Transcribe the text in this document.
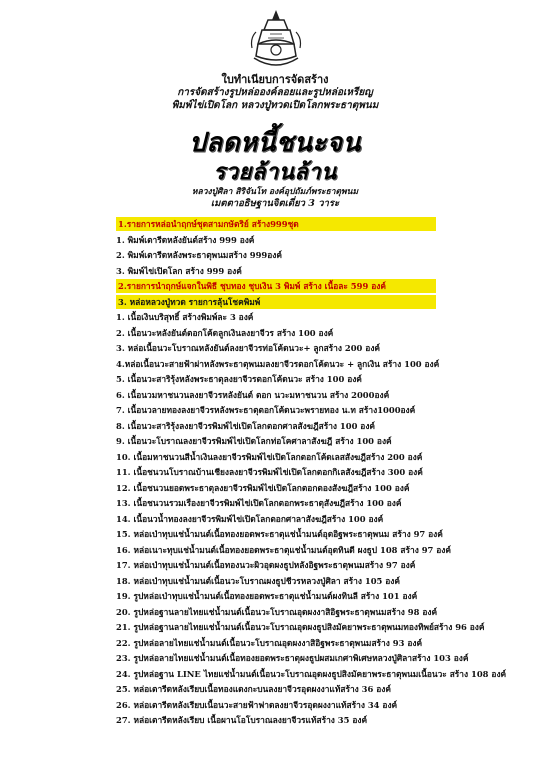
ใบทำเนียบการจัดสร้าง
การจัดสร้างรูปหล่อองค์ลอยและรูปหล่อเหรียญ
พิมพ์ไข่เปิดโลก หลวงปู่ทวดเปิดโลกพระธาตุพนม
ปลดหนี้ชนะจน
รวยล้านล้าน
หลวงปู่ศิลา สิริจันโท องค์อุปถัมภ์พระธาตุพนม
เมตตาอธิษฐานจิตเดี่ยว 3 วาระ
1.รายการหล่อนำฤกษ์ชุดสามกษัตริย์ สร้าง999ชุด
1. พิมพ์เตารีดหลังยันต์สร้าง 999 องค์
2. พิมพ์เตารีดหลังพระธาตุพนมสร้าง 999องค์
3. พิมพ์ไข่เปิดโลก สร้าง 999 องค์
2.รายการนำฤกษ์แจกในพิธี ชุบทอง ชุบเงิน 3 พิมพ์ สร้าง เนื้อละ 599 องค์
3. หล่อหลวงปู่ทวด รายการลุ้นโชคพิมพ์
1. เนื้อเงินบริสุทธิ์ สร้างพิมพ์ละ 3 องค์
2. เนื้อนวะหลังยันต์ตอกโค้ดลูกเงินลงยาจีวร สร้าง 100 องค์
3. หล่อเนื้อนวะโบราณหลังยันต์ลงยาจีวรท่อโค้ดนวะ+ ลูกสร้าง 200 องค์
4.หล่อเนื้อนวะสายฟ้าผ่าหลังพระธาตุพนมลงยาจีวรตอกโค้ดนวะ + ลูกเงิน สร้าง 100 องค์
5. เนื้อนวะสาริรุ้งหลังพระธาตุลงยาจีวรตอกโค้ดนวะ สร้าง 100 องค์
6. เนื้อนวมหาชนวนลงยาจีวรหลังยันต์ ตอก นวะมหาชนวน สร้าง 2000องค์
7. เนื้อนวลายทองลงยาจีวรหลังพระธาตุตอกโค้ดนวะพรายทอง น.ท สร้าง1000องค์
8. เนื้อนวะสาริรุ้งลงยาจีวรพิมพ์ไข่เปิดโลกตอกศาลสังฆฎีสร้าง 100 องค์
9. เนื้อนวะโบราณลงยาจีวรพิมพ์ไข่เปิดโลกท่อโคศาลาสังฆฎี สร้าง 100 องค์
10. เนื้อมหาชนวนสีน้ำเงินลงยาจีวรพิมพ์ไข่เปิดโลกตอกโค้ดเลสสังฆฎีสร้าง 200 องค์
11. เนื้อชนวนโบราณบ้านเชียงลงยาจีวรพิมพ์ไข่เปิดโลกตอกกิเลสังฆฎีสร้าง 300 องค์
12. เนื้อชนวนยอดพระธาตุลงยาจีวรพิมพ์ไข่เปิดโลกตอกตองสังฆฎีสร้าง 100 องค์
13. เนื้อชนวนรวมเรืองยาจีวรพิมพ์ไข่เปิดโลกตอกพระธาตุสังฆฎีสร้าง 100 องค์
14. เนื้อนวน้ำทองลงยาจีวรพิมพ์ไข่เปิดโลกตอกศาลาสังฆฎีสร้าง 100 องค์
15. หล่อเป่าทุบแช่น้ำมนต์เนื้อทองยอดพระธาตุแช่น้ำมนต์อุดอิฐพระธาตุพนม สร้าง 97 องค์
16. หล่อเนาะทุบแช่น้ำมนต์เนื้อทองยอดพระธาตุแช่น้ำมนต์อุดทินดี ผงธูป 108 สร้าง 97 องค์
17. หล่อเป่าทุบแช่น้ำมนต์เนื้อทองนวะผิวอุดผงธูปหลังอิฐพระธาตุพนมสร้าง 97 องค์
18. หล่อเป่าทุบแช่น้ำมนต์เนื้อนวะโบราณผงธูปชีวรหลวงปู่ศิลา สร้าง 105 องค์
19. รูปหล่อเป่าทุบแช่น้ำมนต์เนื้อทองยอดพระธาตุแช่น้ำมนต์ผงทินลี สร้าง 101 องค์
20. รูปหล่อฐานลายไทยแช่น้ำมนต์เนื้อนวะโบราณอุดผงงาสิอิฐพระธาตุพนมสร้าง 98 องค์
21. รูปหล่อฐานลายไทยแช่น้ำมนต์เนื้อนวะโบราณอุดผงธูปสิงมัคยาพระธาตุพนมทองทิพย์สร้าง 96 องค์
22. รูปหล่อลายไทยแช่น้ำมนต์เนื้อนวะโบราณอุดผงงาสิอิฐพระธาตุพนมสร้าง 93 องค์
23. รูปหล่อลายไทยแช่น้ำมนต์เนื้อทองยอดพระธาตุผงธูปผสมเกศาพิเศษหลวงปู่ศิลาสร้าง 103 องค์
24. รูปหล่อฐาน LINE ไทยแช่น้ำมนต์เนื้อนวะโบราณอุดผงธูปสิงมัคยาพระธาตุพนมเนื้อนวะ สร้าง 108 องค์
25. หล่อเตารีดหลังเรียบเนื้อทองแดงกะบนลงยาจีวรอุดผงงาแท้สร้าง 36 องค์
26. หล่อเตารีดหลังเรียบเนื้อนวะสายฟ้าฟาดลงยาจีวรอุดผงงาแท้สร้าง 34 องค์
27. หล่อเตารีดหลังเรียบ เนื้อผานโอโบราณลงยาจีวรแท้สร้าง 35 องค์
